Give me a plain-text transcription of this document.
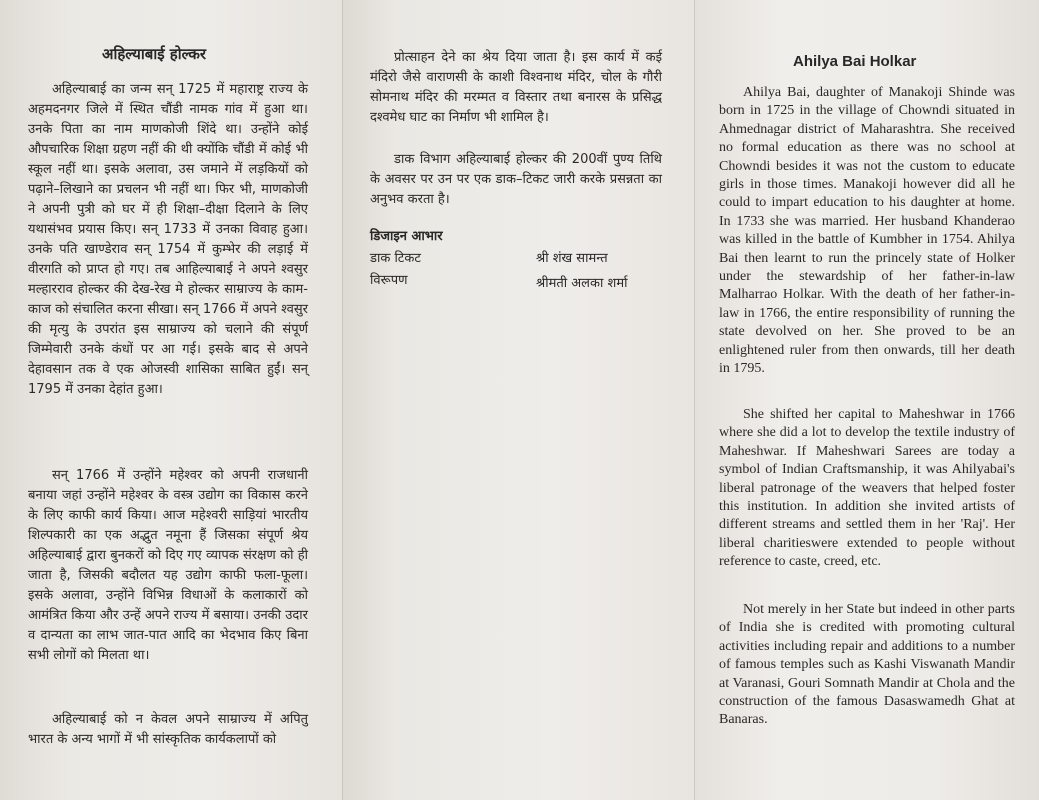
अहिल्याबाई होल्कर
अहिल्याबाई का जन्म सन् 1725 में महाराष्ट्र राज्य के अहमदनगर जिले में स्थित चौंडी नामक गांव में हुआ था। उनके पिता का नाम माणकोजी शिंदे था। उन्होंने कोई औपचारिक शिक्षा ग्रहण नहीं की थी क्योंकि चौंडी में कोई भी स्कूल नहीं था। इसके अलावा, उस जमाने में लड़कियों को पढ़ाने–लिखाने का प्रचलन भी नहीं था। फिर भी, माणकोजी ने अपनी पुत्री को घर में ही शिक्षा–दीक्षा दिलाने के लिए यथासंभव प्रयास किए। सन् 1733 में उनका विवाह हुआ। उनके पति खाण्डेराव सन् 1754 में कुम्भेर की लड़ाई में वीरगति को प्राप्त हो गए। तब आहिल्याबाई ने अपने श्वसुर मल्हारराव होल्कर की देख-रेख मे होल्कर साम्राज्य के काम-काज को संचालित करना सीखा। सन् 1766 में अपने श्वसुर की मृत्यु के उपरांत इस साम्राज्य को चलाने की संपूर्ण जिम्मेवारी उनके कंधों पर आ गई। इसके बाद से अपने देहावसान तक वे एक ओजस्वी शासिका साबित हुईं। सन् 1795 में उनका देहांत हुआ।
सन् 1766 में उन्होंने महेश्वर को अपनी राजधानी बनाया जहां उन्होंने महेश्वर के वस्त्र उद्योग का विकास करने के लिए काफी कार्य किया। आज महेश्वरी साड़ियां भारतीय शिल्पकारी का एक अद्भुत नमूना हैं जिसका संपूर्ण श्रेय अहिल्याबाई द्वारा बुनकरों को दिए गए व्यापक संरक्षण को ही जाता है, जिसकी बदौलत यह उद्योग काफी फला-फूला। इसके अलावा, उन्होंने विभिन्न विधाओं के कलाकारों को आमंत्रित किया और उन्हें अपने राज्य में बसाया। उनकी उदार व दान्यता का लाभ जात-पात आदि का भेदभाव किए बिना सभी लोगों को मिलता था।
अहिल्याबाई को न केवल अपने साम्राज्य में अपितु भारत के अन्य भागों में भी सांस्कृतिक कार्यकलापों को
प्रोत्साहन देने का श्रेय दिया जाता है। इस कार्य में कई मंदिरो जैसे वाराणसी के काशी विश्वनाथ मंदिर, चोल के गौरी सोमनाथ मंदिर की मरम्मत व विस्तार तथा बनारस के प्रसिद्ध दश्वमेध घाट का निर्माण भी शामिल है।
डाक विभाग अहिल्याबाई होल्कर की 200वीं पुण्य तिथि के अवसर पर उन पर एक डाक–टिकट जारी करके प्रसन्नता का अनुभव करता है।
डिजाइन आभार
डाक टिकट	श्री शंख सामन्त
विरूपण	श्रीमती अलका शर्मा
Ahilya Bai Holkar
Ahilya Bai, daughter of Manakoji Shinde was born in 1725 in the village of Chowndi situated in Ahmednagar district of Maharashtra. She received no formal education as there was no school at Chowndi besides it was not the custom to educate girls in those times. Manakoji however did all he could to impart education to his daughter at home. In 1733 she was married. Her husband Khanderao was killed in the battle of Kumbher in 1754. Ahilya Bai then learnt to run the princely state of Holker under the stewardship of her father-in-law Malharrao Holkar. With the death of her father-in-law in 1766, the entire responsibility of running the state devolved on her. She proved to be an enlightened ruler from then onwards, till her death in 1795.
She shifted her capital to Maheshwar in 1766 where she did a lot to develop the textile industry of Maheshwar. If Maheshwari Sarees are today a symbol of Indian Craftsmanship, it was Ahilyabai's liberal patronage of the weavers that helped foster this institution. In addition she invited artists of different streams and settled them in her 'Raj'. Her liberal charitieswere extended to people without reference to caste, creed, etc.
Not merely in her State but indeed in other parts of India she is credited with promoting cultural activities including repair and additions to a number of famous temples such as Kashi Viswanath Mandir at Varanasi, Gouri Somnath Mandir at Chola and the construction of the famous Dasaswamedh Ghat at Banaras.
